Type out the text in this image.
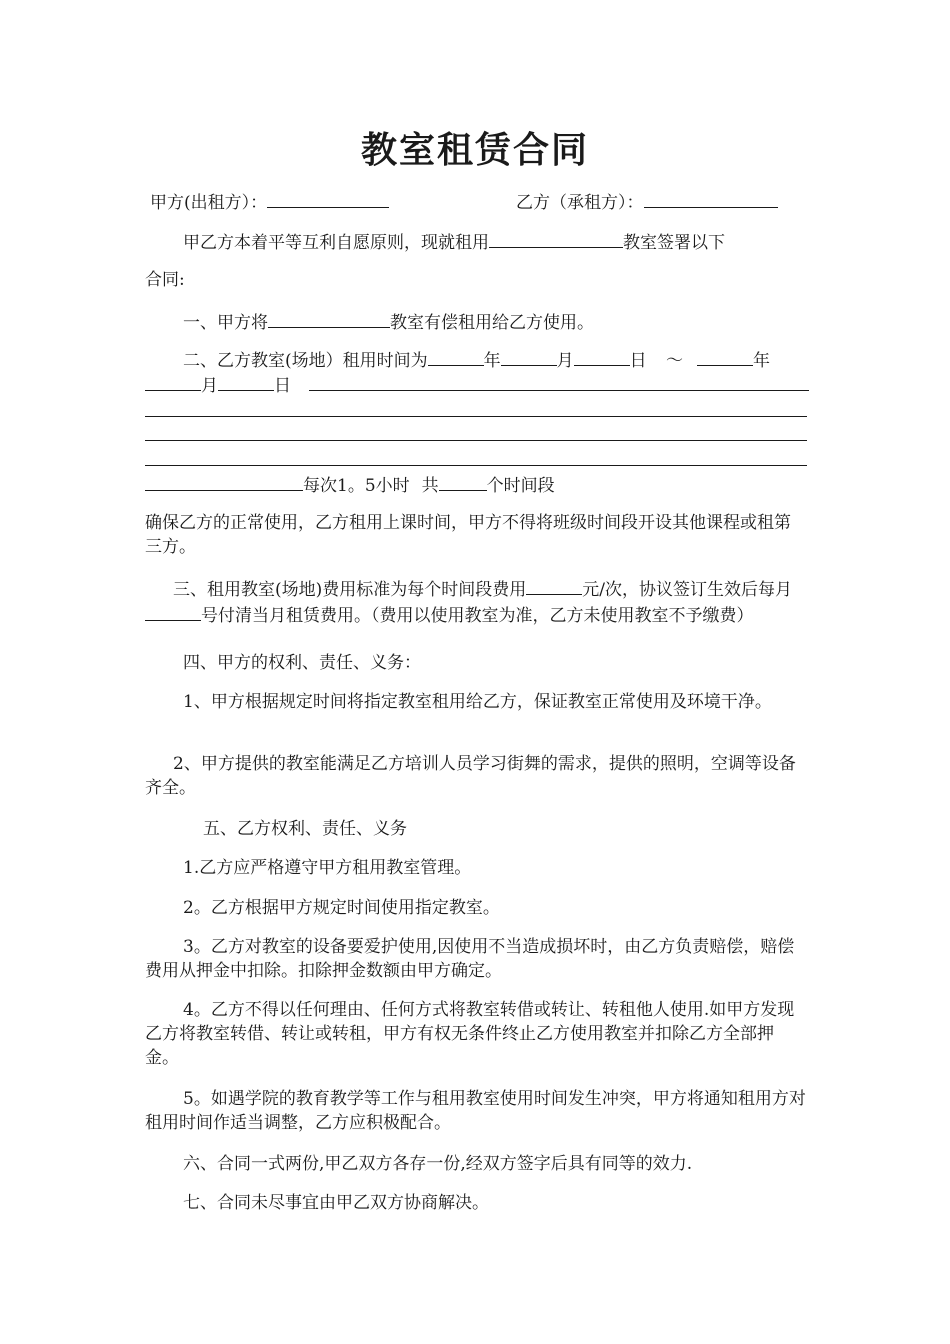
教室租赁合同
甲方(出租方）：	乙方（承租方）：
甲乙方本着平等互利自愿原则，现就租用	教室签署以下
合同:
一、甲方将	教室有偿租用给乙方使用。
二、乙方教室(场地）租用时间为	年	月	日 ～	年
月	日
每次1。5小时 共	个时间段
确保乙方的正常使用，乙方租用上课时间，甲方不得将班级时间段开设其他课程或租第三方。
三、租用教室(场地)费用标准为每个时间段费用	元/次，协议签订生效后每月号付清当月租赁费用。（费用以使用教室为准，乙方未使用教室不予缴费）
四、甲方的权利、责任、义务：
1、甲方根据规定时间将指定教室租用给乙方，保证教室正常使用及环境干净。
2、甲方提供的教室能满足乙方培训人员学习街舞的需求，提供的照明，空调等设备齐全。
五、乙方权利、责任、义务
1.乙方应严格遵守甲方租用教室管理。
2。乙方根据甲方规定时间使用指定教室。
3。乙方对教室的设备要爱护使用,因使用不当造成损坏时，由乙方负责赔偿，赔偿费用从押金中扣除。扣除押金数额由甲方确定。
4。乙方不得以任何理由、任何方式将教室转借或转让、转租他人使用.如甲方发现乙方将教室转借、转让或转租，甲方有权无条件终止乙方使用教室并扣除乙方全部押金。
5。如遇学院的教育教学等工作与租用教室使用时间发生冲突，甲方将通知租用方对租用时间作适当调整，乙方应积极配合。
六、合同一式两份,甲乙双方各存一份,经双方签字后具有同等的效力.
七、合同未尽事宜由甲乙双方协商解决。
